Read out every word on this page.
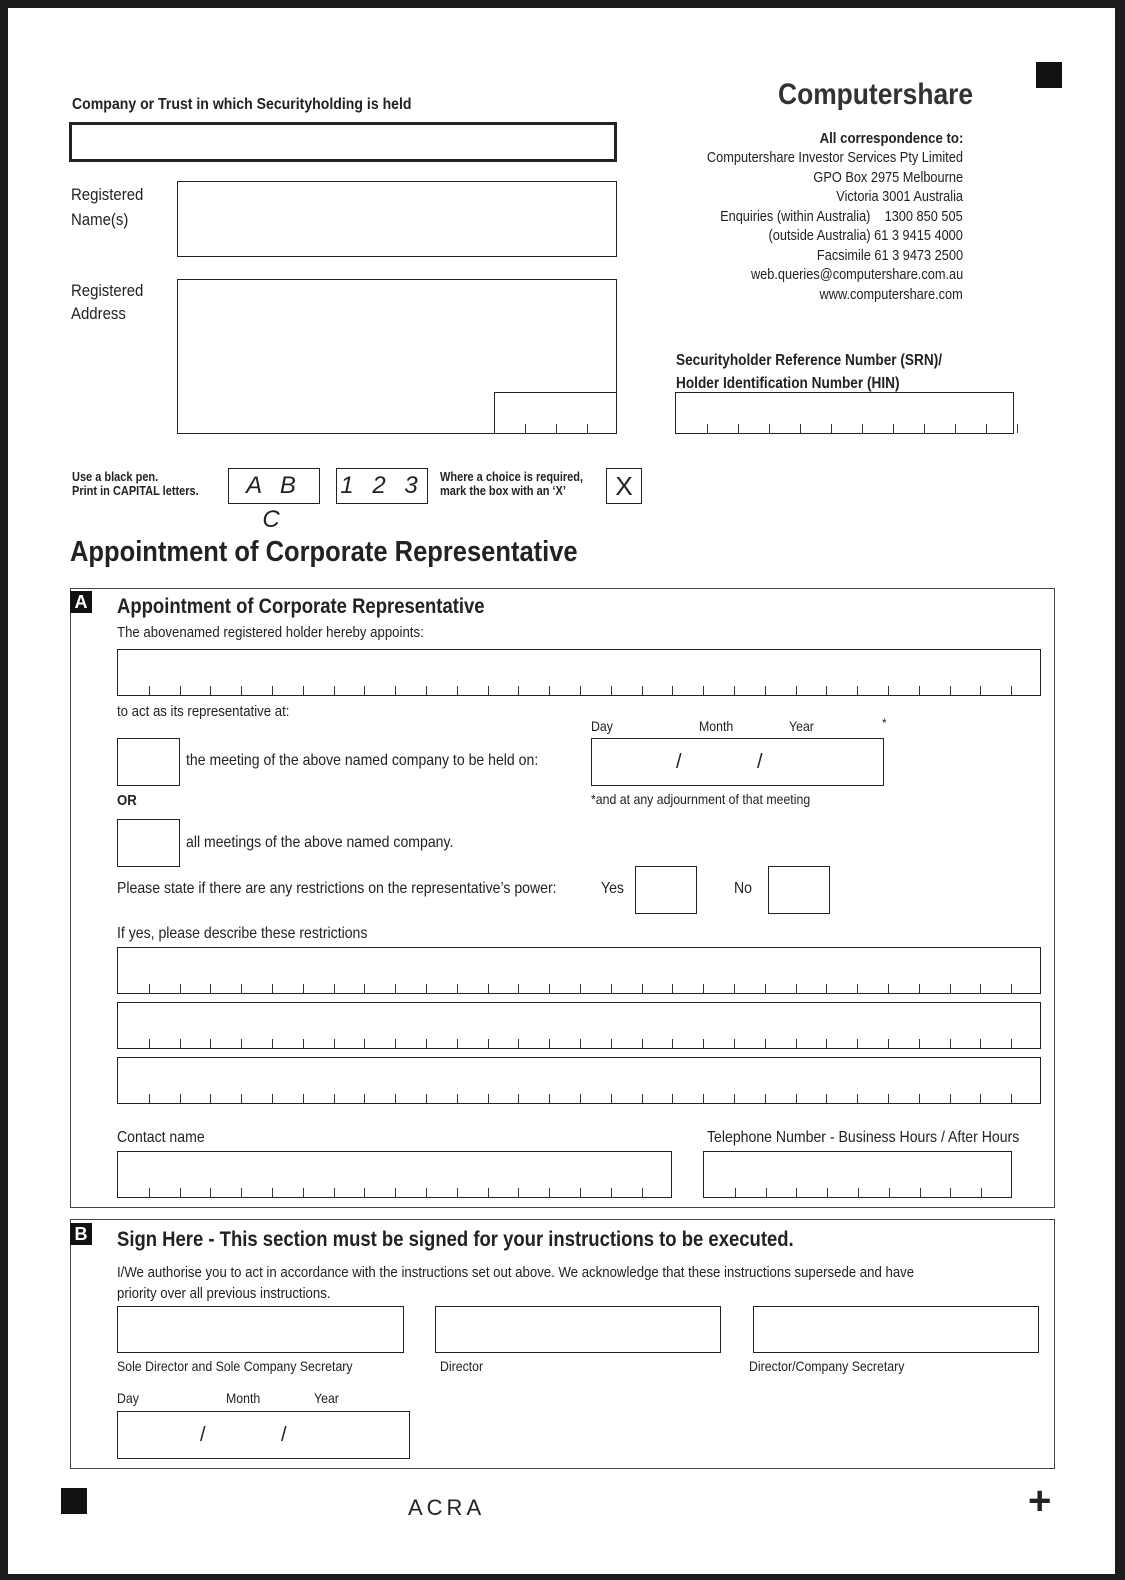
+
Company or Trust in which Securityholding is held
Registered
Name(s)
Registered
Address
Computershare
All correspondence to:
Computershare Investor Services Pty Limited
GPO Box 2975 Melbourne
Victoria 3001 Australia
Enquiries (within Australia)    1300 850 505
(outside Australia) 61 3 9415 4000
Facsimile 61 3 9473 2500
web.queries@computershare.com.au
www.computershare.com
Securityholder Reference Number (SRN)/
Holder Identification Number (HIN)
Use a black pen.
Print in CAPITAL letters.	A B C
1 2 3	Where a choice is required,
mark the box with an ‘X’	X
Appointment of Corporate Representative
A Appointment of Corporate Representative
The abovenamed registered holder hereby appoints:
to act as its representative at:
Day	Month	Year	*
the meeting of the above named company to be held on:	/	/
OR	*and at any adjournment of that meeting
all meetings of the above named company.
Please state if there are any restrictions on the representative’s power:	Yes	No
If yes, please describe these restrictions
Contact name	Telephone Number - Business Hours / After Hours
B Sign Here - This section must be signed for your instructions to be executed.
I/We authorise you to act in accordance with the instructions set out above. We acknowledge that these instructions supersede and have
priority over all previous instructions.
Sole Director and Sole Company Secretary	Director	Director/Company Secretary
Day	Month	Year
/	/
ACRA
